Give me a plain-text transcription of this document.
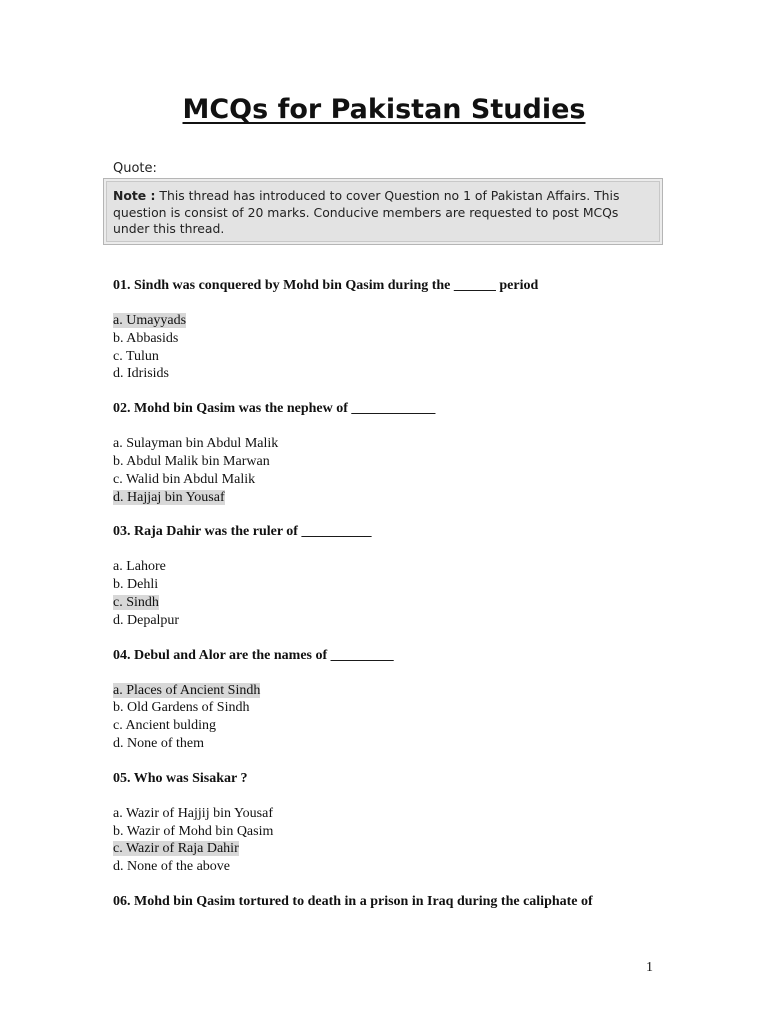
MCQs for Pakistan Studies
Quote:
Note : This thread has introduced to cover Question no 1 of Pakistan Affairs. This question is consist of 20 marks. Conducive members are requested to post MCQs under this thread.
01. Sindh was conquered by Mohd bin Qasim during the ______ period
a. Umayyads
b. Abbasids
c. Tulun
d. Idrisids
02. Mohd bin Qasim was the nephew of ____________
a. Sulayman bin Abdul Malik
b. Abdul Malik bin Marwan
c. Walid bin Abdul Malik
d. Hajjaj bin Yousaf
03. Raja Dahir was the ruler of __________
a. Lahore
b. Dehli
c. Sindh
d. Depalpur
04. Debul and Alor are the names of _________
a. Places of Ancient Sindh
b. Old Gardens of Sindh
c. Ancient bulding
d. None of them
05. Who was Sisakar ?
a. Wazir of Hajjij bin Yousaf
b. Wazir of Mohd bin Qasim
c. Wazir of Raja Dahir
d. None of the above
06. Mohd bin Qasim tortured to death in a prison in Iraq during the caliphate of
1
